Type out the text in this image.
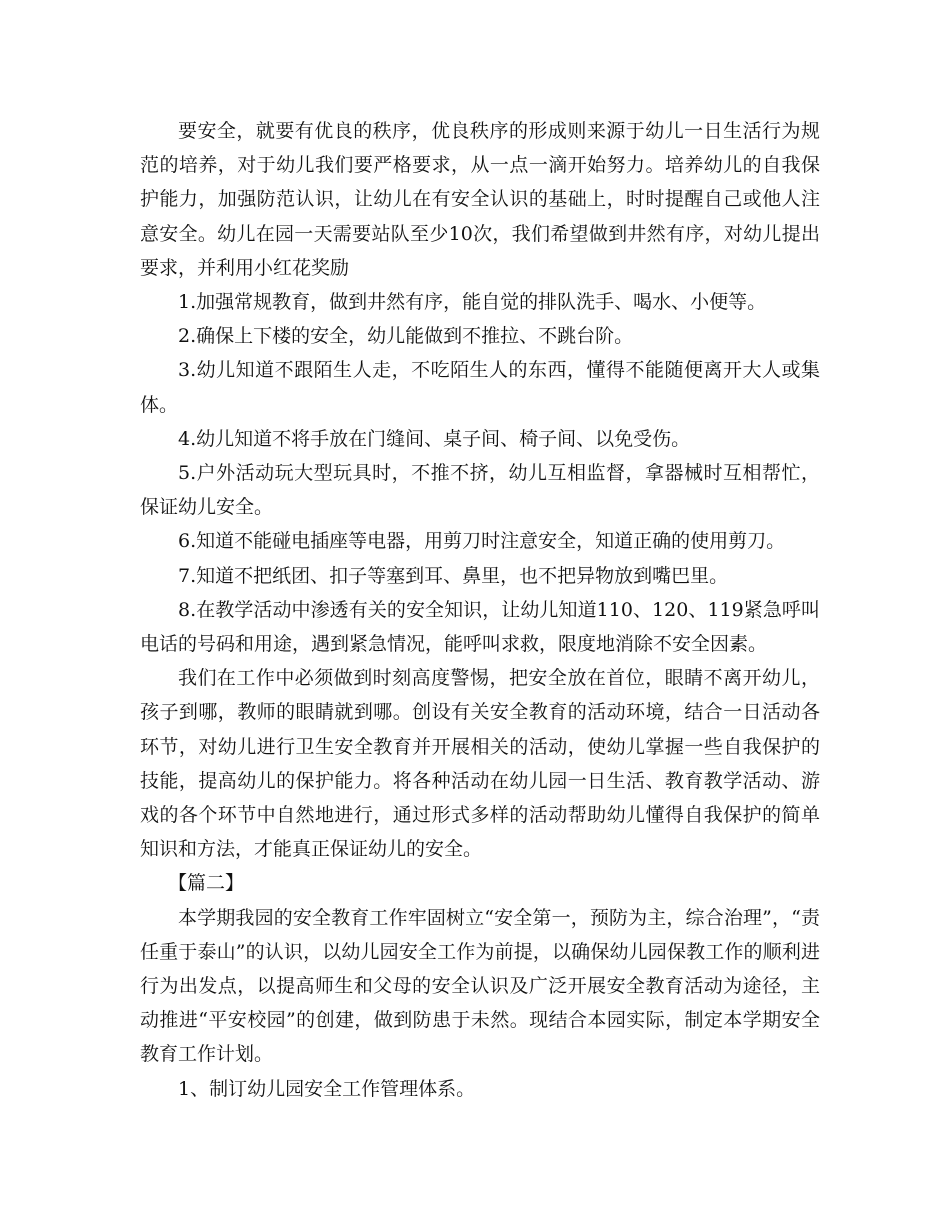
要安全，就要有优良的秩序，优良秩序的形成则来源于幼儿一日生活行为规范的培养，对于幼儿我们要严格要求，从一点一滴开始努力。培养幼儿的自我保护能力，加强防范认识，让幼儿在有安全认识的基础上，时时提醒自己或他人注意安全。幼儿在园一天需要站队至少10次，我们希望做到井然有序，对幼儿提出要求，并利用小红花奖励

1.加强常规教育，做到井然有序，能自觉的排队洗手、喝水、小便等。

2.确保上下楼的安全，幼儿能做到不推拉、不跳台阶。

3.幼儿知道不跟陌生人走，不吃陌生人的东西，懂得不能随便离开大人或集体。

4.幼儿知道不将手放在门缝间、桌子间、椅子间、以免受伤。

5.户外活动玩大型玩具时，不推不挤，幼儿互相监督，拿器械时互相帮忙，保证幼儿安全。

6.知道不能碰电插座等电器，用剪刀时注意安全，知道正确的使用剪刀。

7.知道不把纸团、扣子等塞到耳、鼻里，也不把异物放到嘴巴里。

8.在教学活动中渗透有关的安全知识，让幼儿知道110、120、119紧急呼叫电话的号码和用途，遇到紧急情况，能呼叫求救，限度地消除不安全因素。

我们在工作中必须做到时刻高度警惕，把安全放在首位，眼睛不离开幼儿，孩子到哪，教师的眼睛就到哪。创设有关安全教育的活动环境，结合一日活动各环节，对幼儿进行卫生安全教育并开展相关的活动，使幼儿掌握一些自我保护的技能，提高幼儿的保护能力。将各种活动在幼儿园一日生活、教育教学活动、游戏的各个环节中自然地进行，通过形式多样的活动帮助幼儿懂得自我保护的简单知识和方法，才能真正保证幼儿的安全。

【篇二】

本学期我园的安全教育工作牢固树立“安全第一，预防为主，综合治理”，“责任重于泰山”的认识，以幼儿园安全工作为前提，以确保幼儿园保教工作的顺利进行为出发点，以提高师生和父母的安全认识及广泛开展安全教育活动为途径，主动推进“平安校园”的创建，做到防患于未然。现结合本园实际，制定本学期安全教育工作计划。

1、制订幼儿园安全工作管理体系。
